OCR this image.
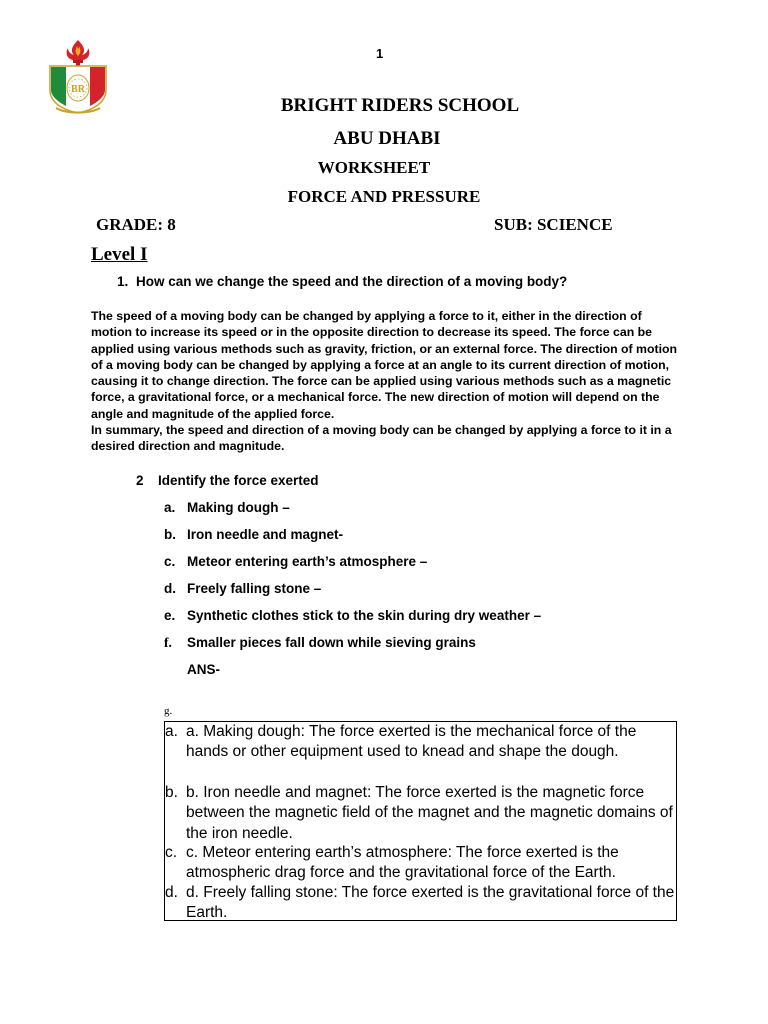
1
BR
BRIGHT RIDERS SCHOOL
ABU DHABI
WORKSHEET
FORCE AND PRESSURE
GRADE: 8	SUB: SCIENCE
Level I
1. How can we change the speed and the direction of a moving body?

The speed of a moving body can be changed by applying a force to it, either in the direction of motion to increase its speed or in the opposite direction to decrease its speed. The force can be applied using various methods such as gravity, friction, or an external force. The direction of motion of a moving body can be changed by applying a force at an angle to its current direction of motion, causing it to change direction. The force can be applied using various methods such as a magnetic force, a gravitational force, or a mechanical force. The new direction of motion will depend on the angle and magnitude of the applied force.

In summary, the speed and direction of a moving body can be changed by applying a force to it in a desired direction and magnitude.

2 Identify the force exerted
a. Making dough –
b. Iron needle and magnet-
c. Meteor entering earth’s atmosphere –
d. Freely falling stone –
e. Synthetic clothes stick to the skin during dry weather –
f. Smaller pieces fall down while sieving grains
ANS-
g.
a. a. Making dough: The force exerted is the mechanical force of the hands or other equipment used to knead and shape the dough.
b. b. Iron needle and magnet: The force exerted is the magnetic force between the magnetic field of the magnet and the magnetic domains of the iron needle.
c. c. Meteor entering earth’s atmosphere: The force exerted is the atmospheric drag force and the gravitational force of the Earth.
d. d. Freely falling stone: The force exerted is the gravitational force of the Earth.
